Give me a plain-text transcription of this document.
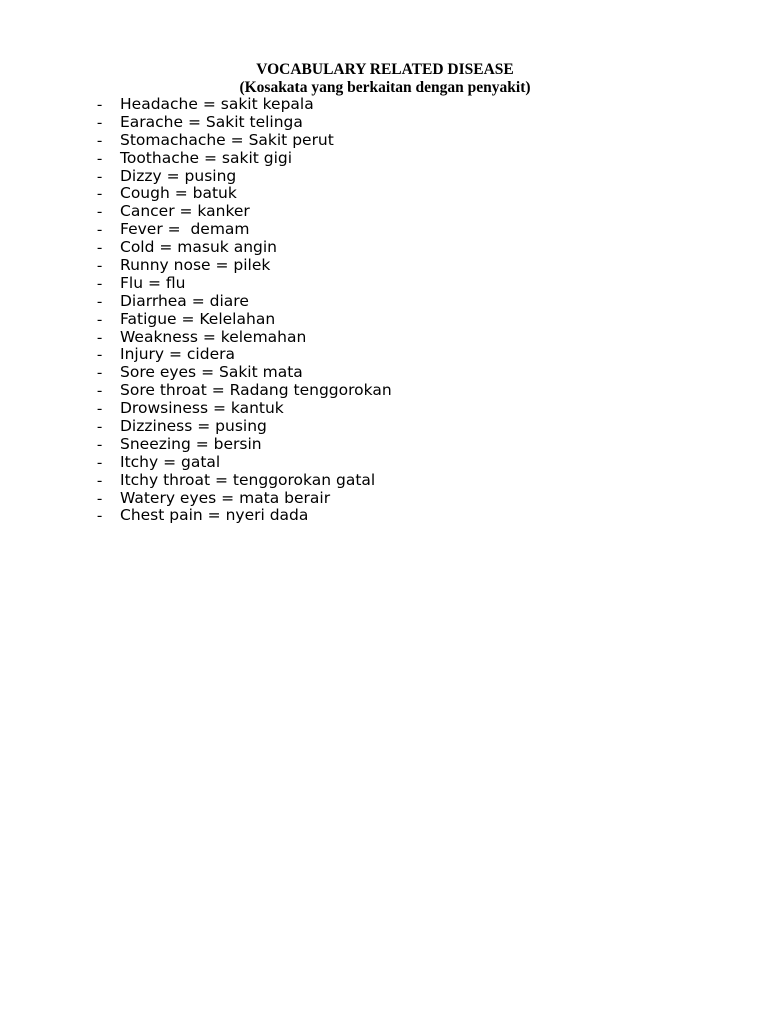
VOCABULARY RELATED DISEASE
(Kosakata yang berkaitan dengan penyakit)
- Headache = sakit kepala
- Earache = Sakit telinga
- Stomachache = Sakit perut
- Toothache = sakit gigi
- Dizzy = pusing
- Cough = batuk
- Cancer = kanker
- Fever =  demam
- Cold = masuk angin
- Runny nose = pilek
- Flu = flu
- Diarrhea = diare
- Fatigue = Kelelahan
- Weakness = kelemahan
- Injury = cidera
- Sore eyes = Sakit mata
- Sore throat = Radang tenggorokan
- Drowsiness = kantuk
- Dizziness = pusing
- Sneezing = bersin
- Itchy = gatal
- Itchy throat = tenggorokan gatal
- Watery eyes = mata berair
- Chest pain = nyeri dada
